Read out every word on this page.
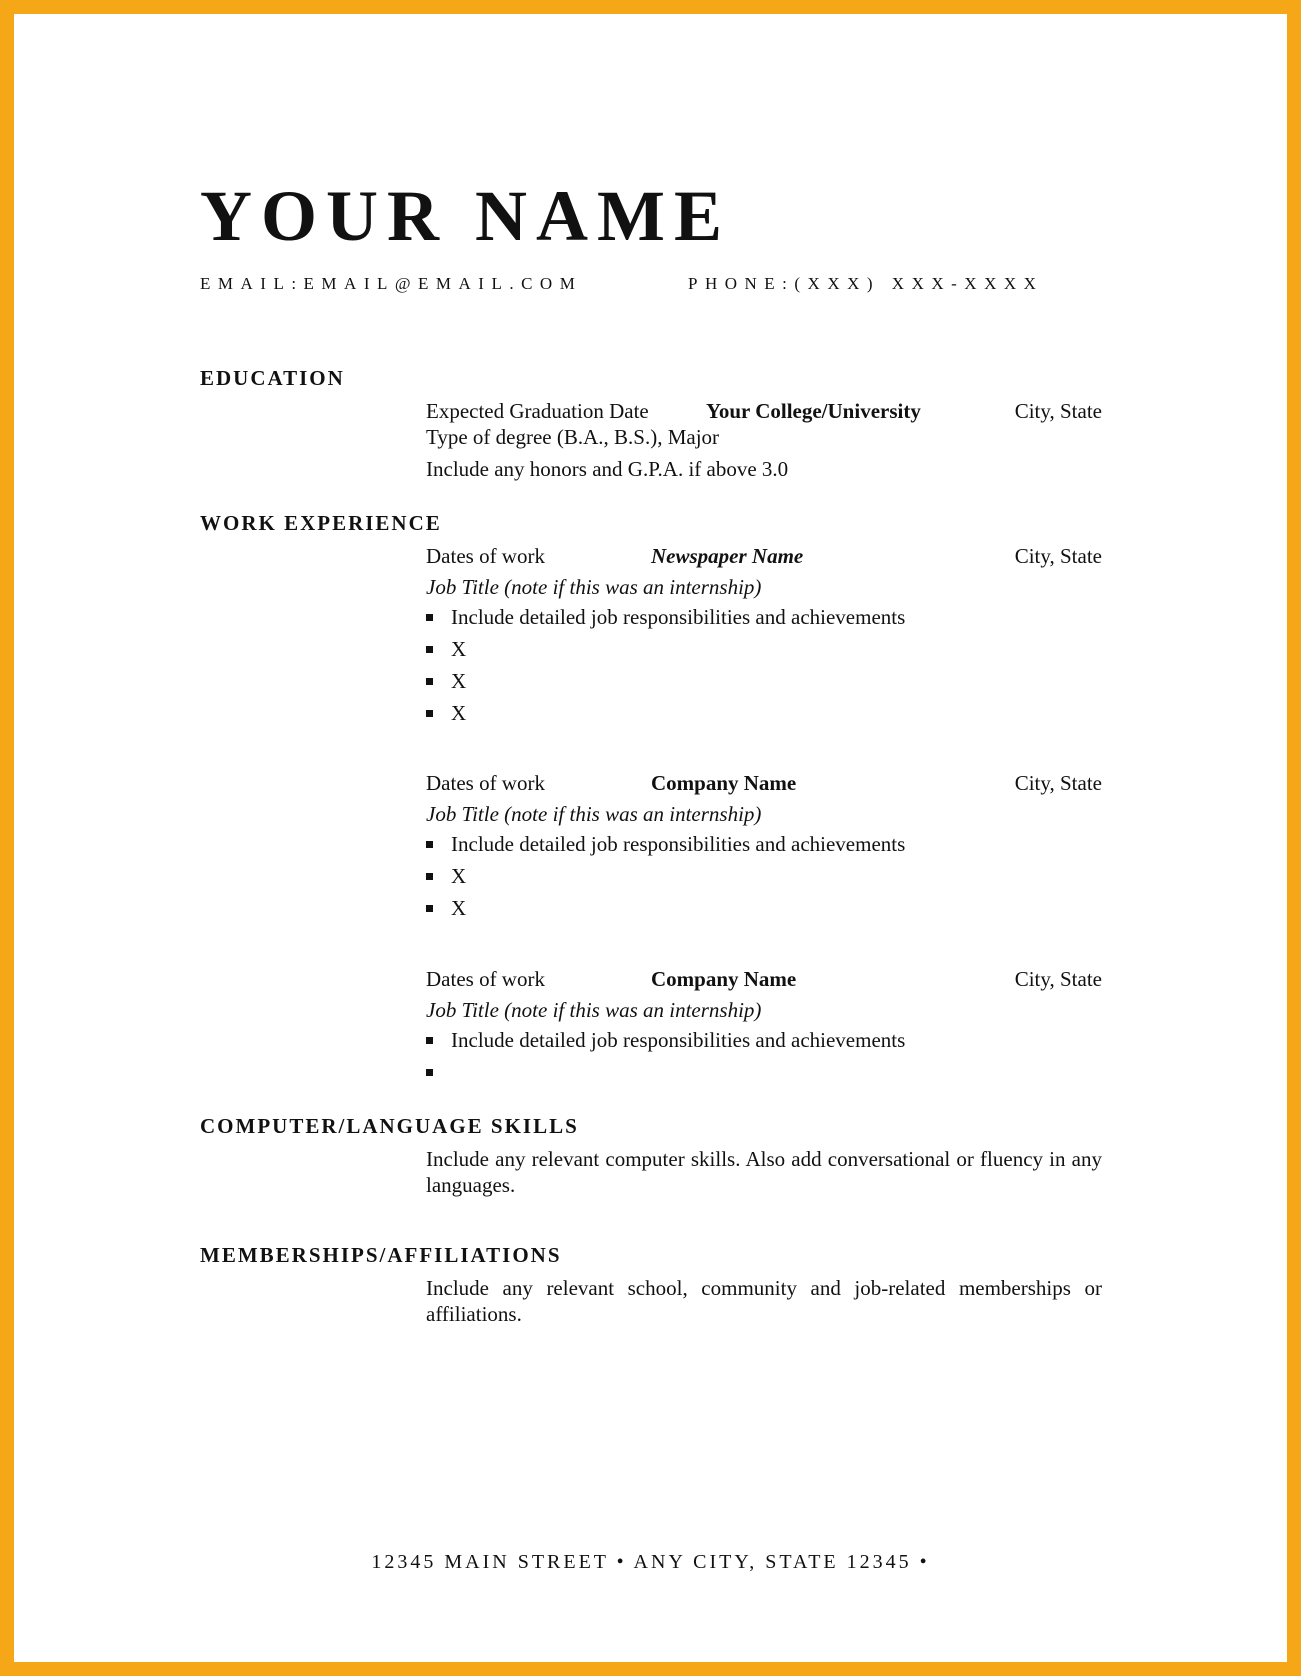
YOUR NAME
EMAIL:EMAIL@EMAIL.COM	PHONE:(XXX) XXX-XXXX
EDUCATION
Expected Graduation Date	Your College/University	City, State
Type of degree (B.A., B.S.), Major
Include any honors and G.P.A. if above 3.0
WORK EXPERIENCE
Dates of work	Newspaper Name	City, State
Job Title (note if this was an internship)
Include detailed job responsibilities and achievements
X
X
X
Dates of work	Company Name	City, State
Job Title (note if this was an internship)
Include detailed job responsibilities and achievements
X
X
Dates of work	Company Name	City, State
Job Title (note if this was an internship)
Include detailed job responsibilities and achievements
COMPUTER/LANGUAGE SKILLS
Include any relevant computer skills. Also add conversational or fluency in any languages.
MEMBERSHIPS/AFFILIATIONS
Include any relevant school, community and job-related memberships or affiliations.
12345 MAIN STREET • ANY CITY, STATE 12345 •
